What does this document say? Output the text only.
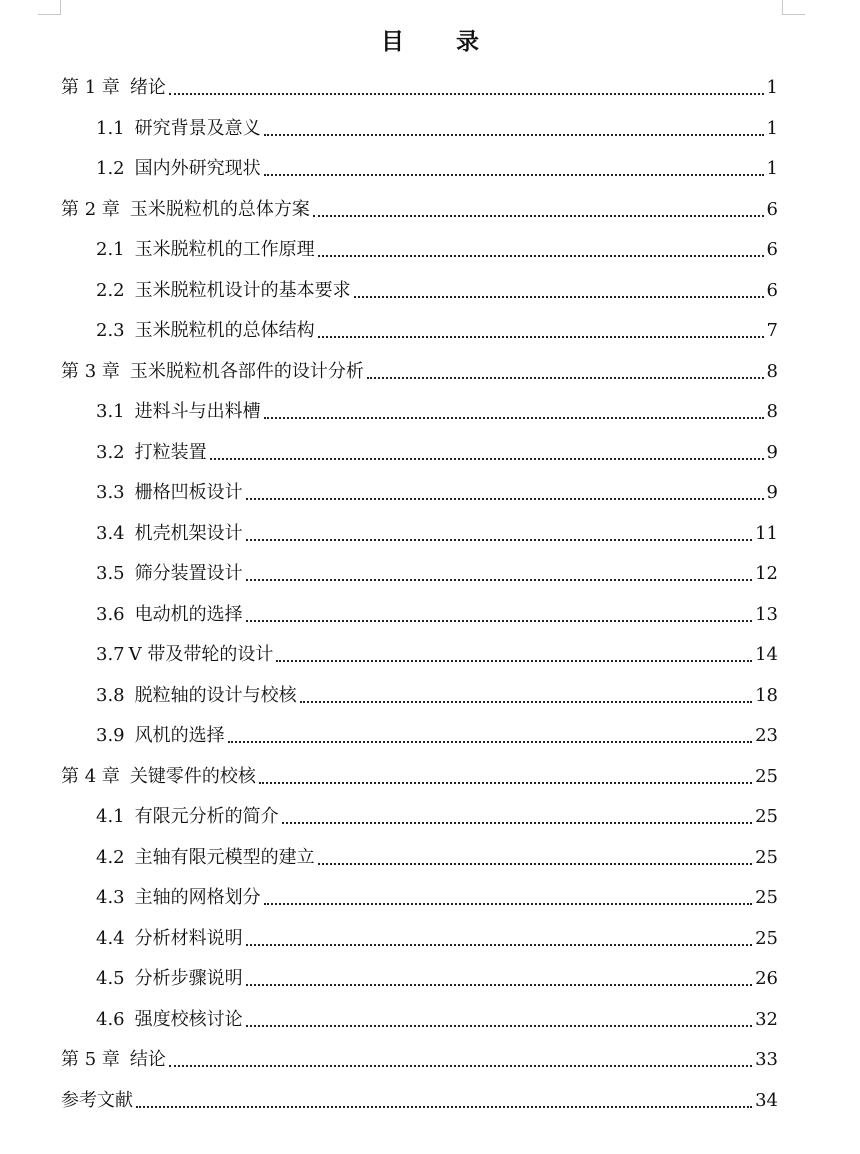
目 录
第 1 章 绪论	1
1.1 研究背景及意义	1
1.2 国内外研究现状	1
第 2 章 玉米脱粒机的总体方案	6
2.1 玉米脱粒机的工作原理	6
2.2 玉米脱粒机设计的基本要求	6
2.3 玉米脱粒机的总体结构	7
第 3 章 玉米脱粒机各部件的设计分析	8
3.1 进料斗与出料槽	8
3.2 打粒装置	9
3.3 栅格凹板设计	9
3.4 机壳机架设计	11
3.5 筛分装置设计	12
3.6 电动机的选择	13
3.7 V 带及带轮的设计	14
3.8 脱粒轴的设计与校核	18
3.9 风机的选择	23
第 4 章 关键零件的校核	25
4.1 有限元分析的简介	25
4.2 主轴有限元模型的建立	25
4.3 主轴的网格划分	25
4.4 分析材料说明	25
4.5 分析步骤说明	26
4.6 强度校核讨论	32
第 5 章 结论	33
参考文献	34
